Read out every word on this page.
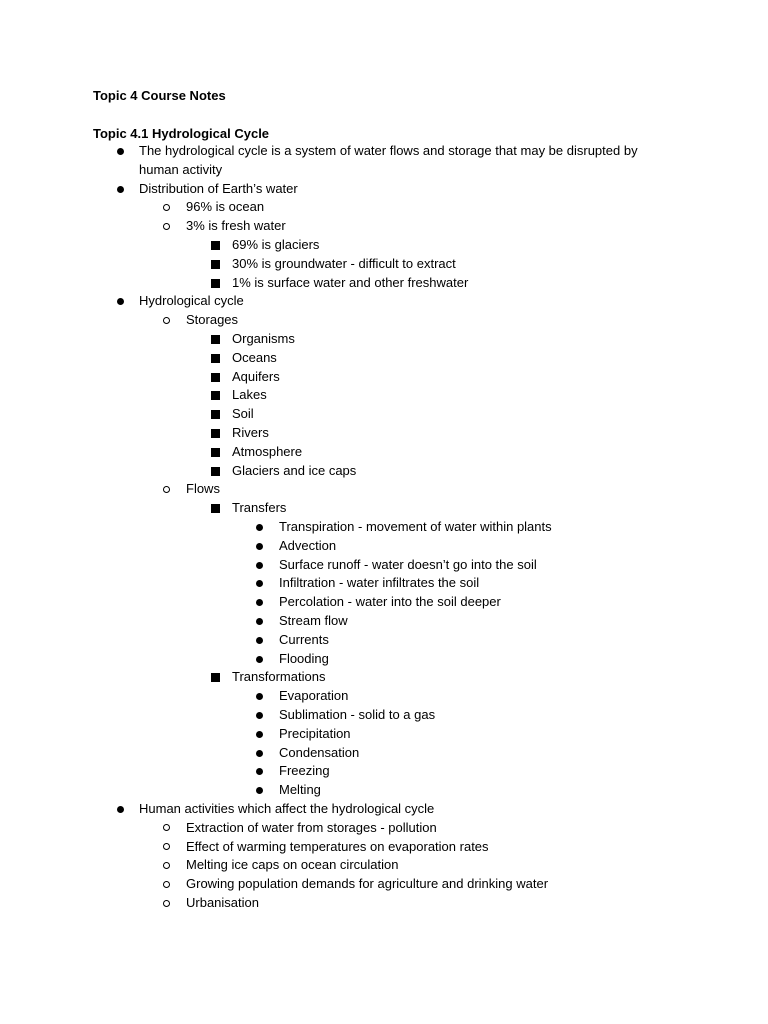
Topic 4 Course Notes
Topic 4.1 Hydrological Cycle
The hydrological cycle is a system of water flows and storage that may be disrupted by human activity
Distribution of Earth’s water
96% is ocean
3% is fresh water
69% is glaciers
30% is groundwater - difficult to extract
1% is surface water and other freshwater
Hydrological cycle
Storages
Organisms
Oceans
Aquifers
Lakes
Soil
Rivers
Atmosphere
Glaciers and ice caps
Flows
Transfers
Transpiration - movement of water within plants
Advection
Surface runoff - water doesn’t go into the soil
Infiltration - water infiltrates the soil
Percolation - water into the soil deeper
Stream flow
Currents
Flooding
Transformations
Evaporation
Sublimation - solid to a gas
Precipitation
Condensation
Freezing
Melting
Human activities which affect the hydrological cycle
Extraction of water from storages - pollution
Effect of warming temperatures on evaporation rates
Melting ice caps on ocean circulation
Growing population demands for agriculture and drinking water
Urbanisation
